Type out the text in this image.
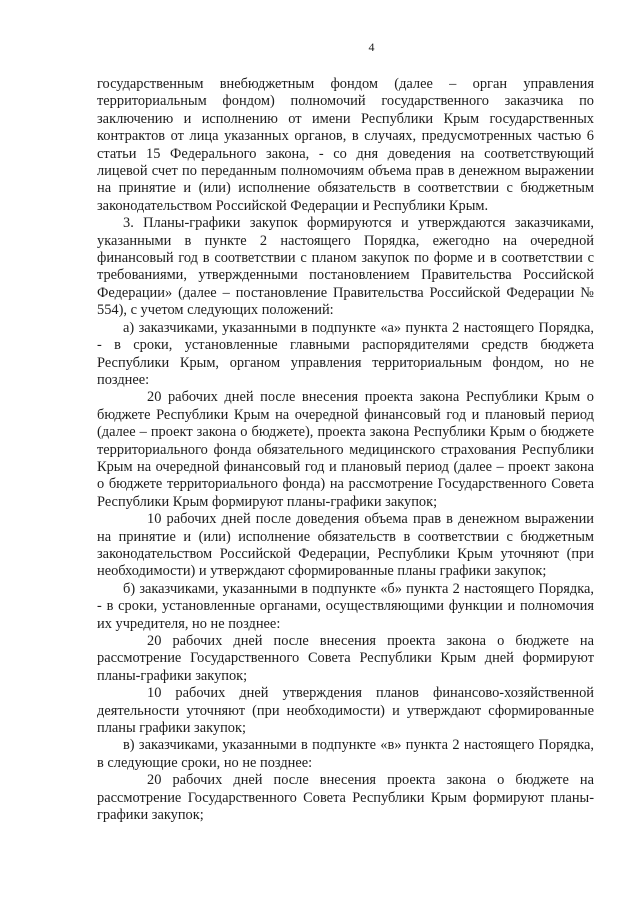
4

государственным внебюджетным фондом (далее – орган управления территориальным фондом) полномочий государственного заказчика по заключению и исполнению от имени Республики Крым государственных контрактов от лица указанных органов, в случаях, предусмотренных частью 6 статьи 15 Федерального закона, - со дня доведения на соответствующий лицевой счет по переданным полномочиям объема прав в денежном выражении на принятие и (или) исполнение обязательств в соответствии с бюджетным законодательством Российской Федерации и Республики Крым.

3. Планы-графики закупок формируются и утверждаются заказчиками, указанными в пункте 2 настоящего Порядка, ежегодно на очередной финансовый год в соответствии с планом закупок по форме и в соответствии с требованиями, утвержденными постановлением Правительства Российской Федерации» (далее – постановление Правительства Российской Федерации № 554), с учетом следующих положений:

а) заказчиками, указанными в подпункте «а» пункта 2 настоящего Порядка, - в сроки, установленные главными распорядителями средств бюджета Республики Крым, органом управления территориальным фондом, но не позднее:

20 рабочих дней после внесения проекта закона Республики Крым о бюджете Республики Крым на очередной финансовый год и плановый период (далее – проект закона о бюджете), проекта закона Республики Крым о бюджете территориального фонда обязательного медицинского страхования Республики Крым на очередной финансовый год и плановый период (далее – проект закона о бюджете территориального фонда) на рассмотрение Государственного Совета Республики Крым формируют планы-графики закупок;

10 рабочих дней после доведения объема прав в денежном выражении на принятие и (или) исполнение обязательств в соответствии с бюджетным законодательством Российской Федерации, Республики Крым уточняют (при необходимости) и утверждают сформированные планы графики закупок;

б) заказчиками, указанными в подпункте «б» пункта 2 настоящего Порядка, - в сроки, установленные органами, осуществляющими функции и полномочия их учредителя, но не позднее:

20 рабочих дней после внесения проекта закона о бюджете на рассмотрение Государственного Совета Республики Крым дней формируют планы-графики закупок;

10 рабочих дней утверждения планов финансово-хозяйственной деятельности уточняют (при необходимости) и утверждают сформированные планы графики закупок;

в) заказчиками, указанными в подпункте «в» пункта 2 настоящего Порядка, в следующие сроки, но не позднее:

20 рабочих дней после внесения проекта закона о бюджете на рассмотрение Государственного Совета Республики Крым формируют планы-графики закупок;
